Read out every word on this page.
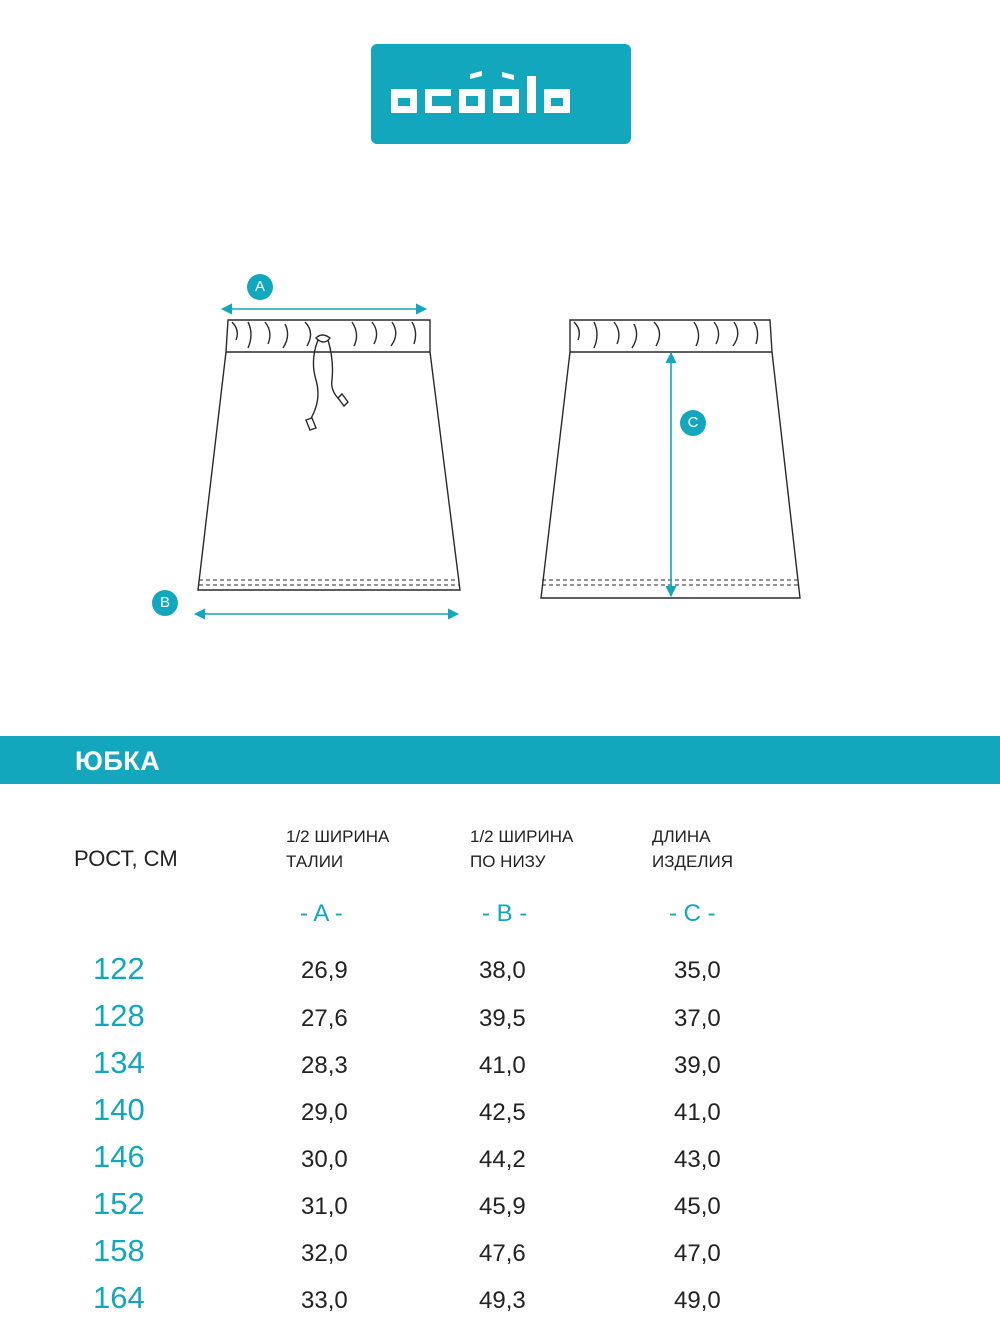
A
B
C
ЮБКА
РОСТ, СМ
1/2 ШИРИНА
ТАЛИИ
1/2 ШИРИНА
ПО НИЗУ
ДЛИНА
ИЗДЕЛИЯ
- A -	- B -	- C -
122	26,9	38,0	35,0
128	27,6	39,5	37,0
134	28,3	41,0	39,0
140	29,0	42,5	41,0
146	30,0	44,2	43,0
152	31,0	45,9	45,0
158	32,0	47,6	47,0
164	33,0	49,3	49,0
